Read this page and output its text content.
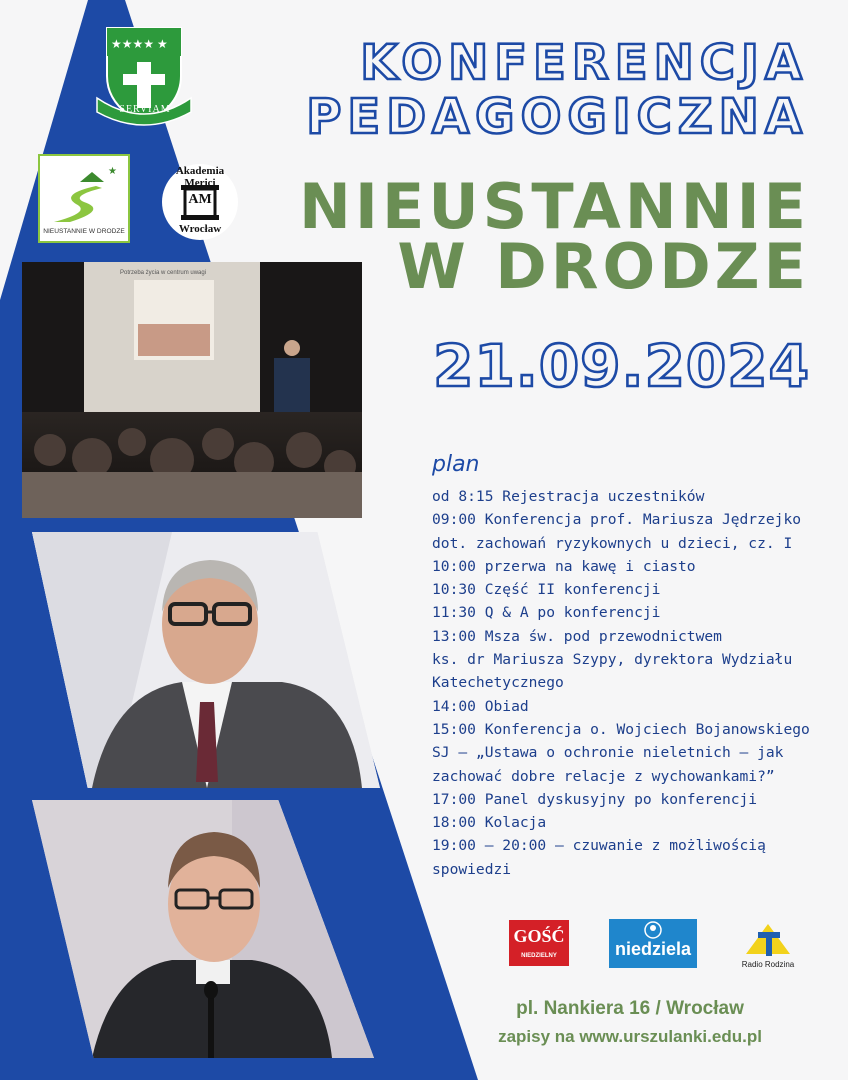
★★★★ ★
SERVIAM
★
NIEUSTANNIE W DRODZE
Akademia Merici
AM
Wrocław
KONFERENCJA
PEDAGOGICZNA
NIEUSTANNIE
W DRODZE
21.09.2024
Potrzeba życia w centrum uwagi
plan
od 8:15 Rejestracja uczestników
09:00 Konferencja prof. Mariusza Jędrzejko
dot. zachowań ryzykownych u dzieci, cz. I
10:00 przerwa na kawę i ciasto
10:30 Część II konferencji
11:30 Q & A po konferencji
13:00 Msza św. pod przewodnictwem
ks. dr Mariusza Szypy, dyrektora Wydziału
Katechetycznego
14:00 Obiad
15:00 Konferencja o. Wojciech Bojanowskiego
SJ – „Ustawa o ochronie nieletnich – jak
zachować dobre relacje z wychowankami?”
17:00 Panel dyskusyjny po konferencji
18:00 Kolacja
19:00 – 20:00 – czuwanie z możliwością
spowiedzi
GOŚĆ
NIEDZIELNY	niedziela
Radio Rodzina
pl. Nankiera 16 / Wrocław
zapisy na www.urszulanki.edu.pl
